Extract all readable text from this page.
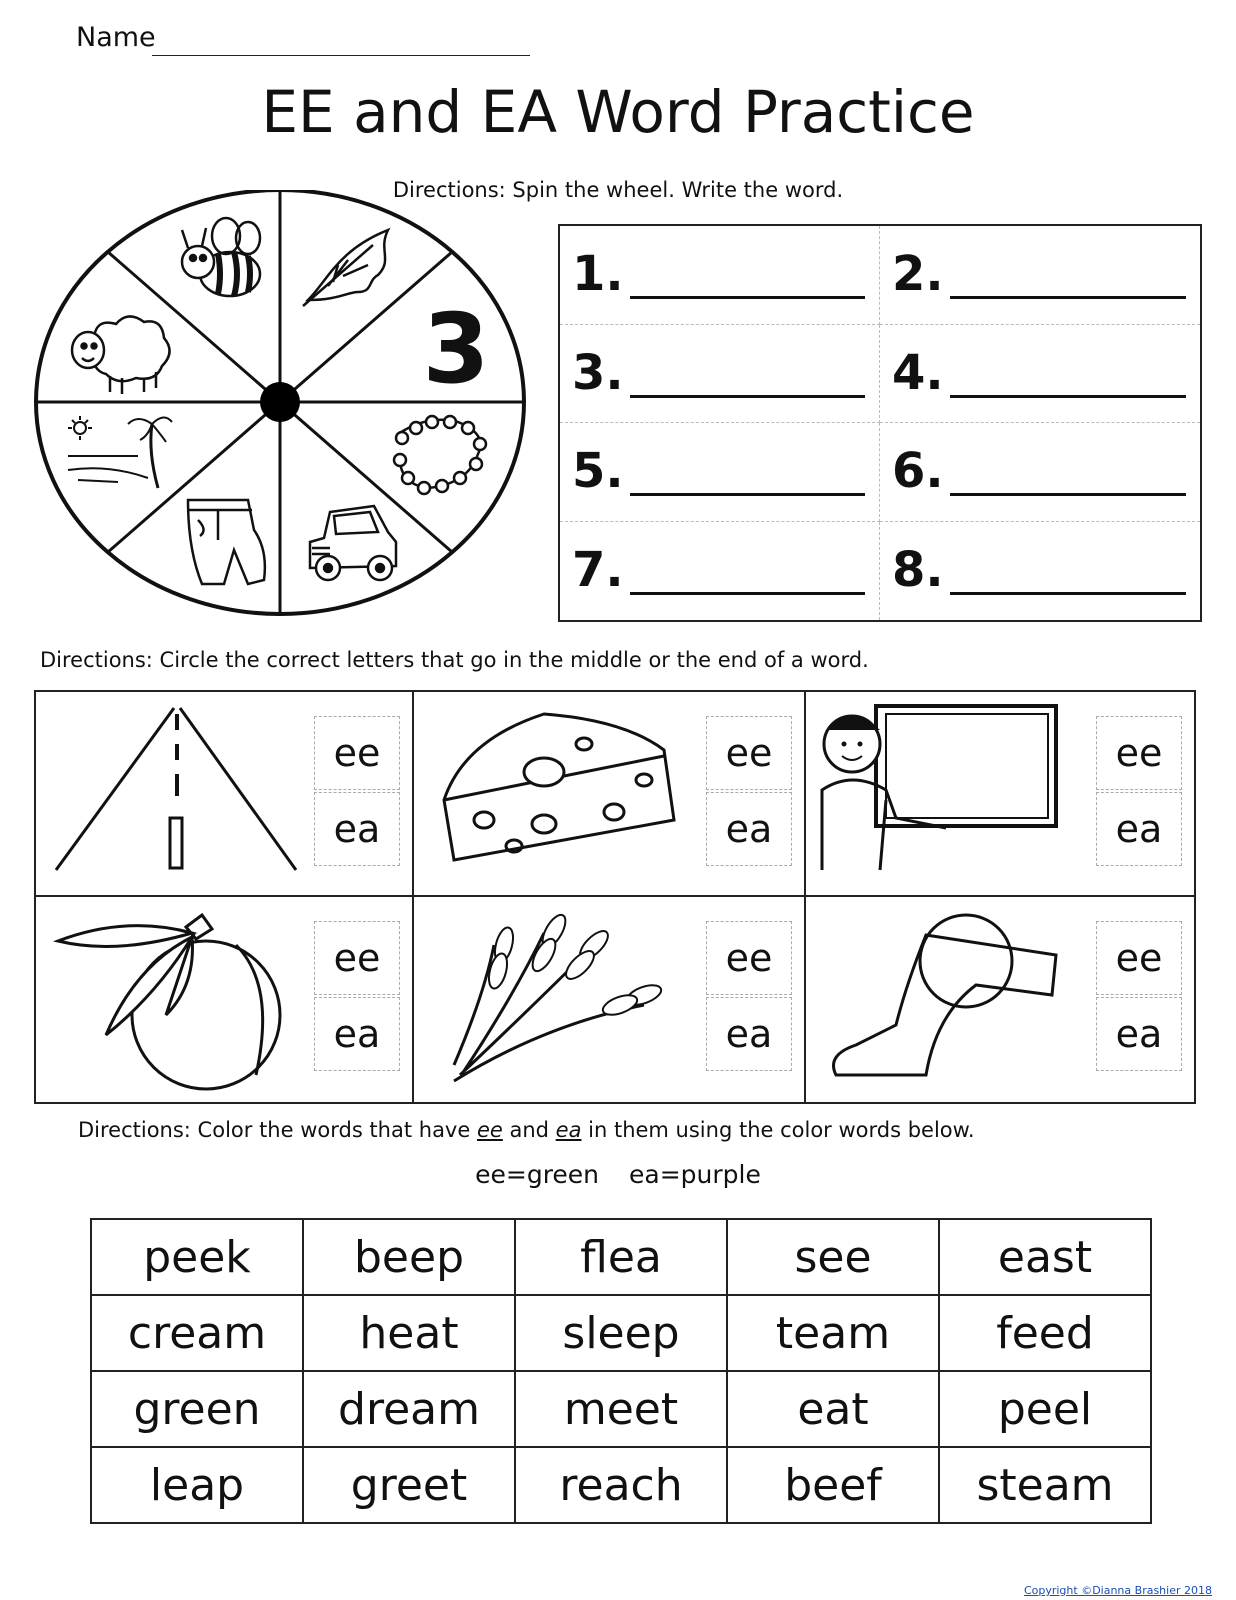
Name
EE and EA Word Practice
Directions: Spin the wheel. Write the word.
3
1.	2.
3.	4.
5.	6.
7.	8.
Directions: Circle the correct letters that go in the middle or the end of a word.
ee
ea
ee
ea
ee
ea
ee
ea
ee
ea
ee
ea
Directions: Color the words that have ee and ea in them using the color words below.
ee=green ea=purple
peek	beep	flea	see	east
cream	heat	sleep	team	feed
green	dream	meet	eat	peel
leap	greet	reach	beef	steam
Copyright ©Dianna Brashier 2018
